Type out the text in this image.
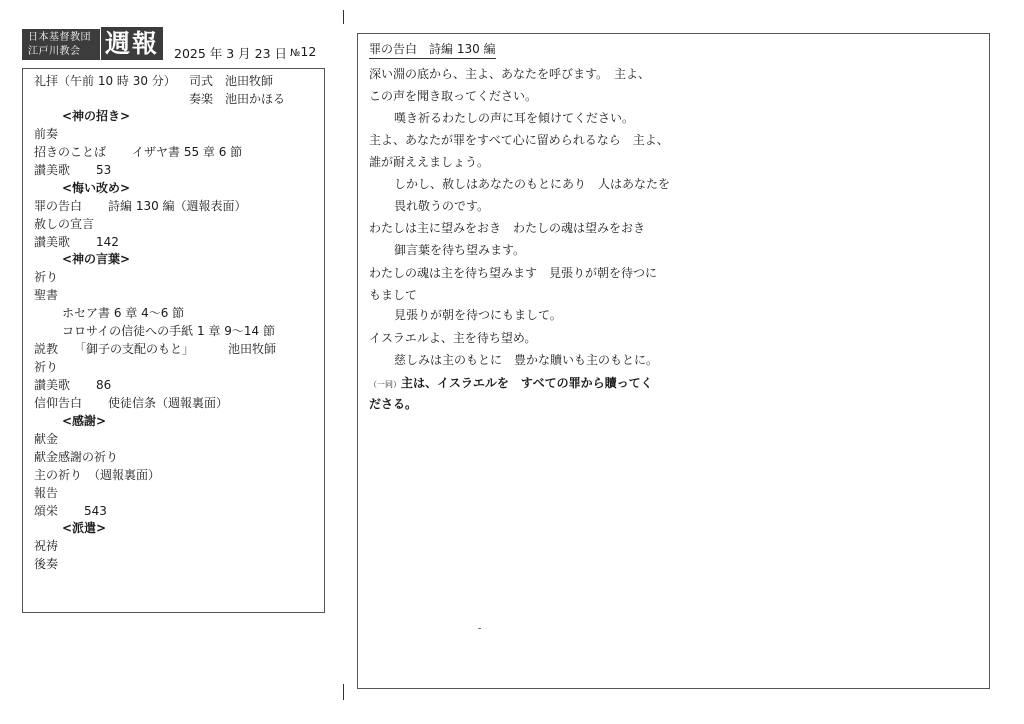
日本基督教団
江戸川教会 週報	2025 年 3 月 23 日 №12
礼拝（午前 10 時 30 分） 司式 池田牧師
奏楽 池田かほる
<神の招き>
前奏
招きのことば イザヤ書 55 章 6 節
讃美歌 53
<悔い改め>
罪の告白 詩編 130 編（週報表面）
赦しの宣言
讃美歌 142
<神の言葉>
祈り
聖書
ホセア書 6 章 4～6 節
コロサイの信徒への手紙 1 章 9～14 節
説教 「御子の支配のもと」	池田牧師
祈り
讃美歌 86
信仰告白 使徒信条（週報裏面）
<感謝>
献金
献金感謝の祈り
主の祈り　（週報裏面）
報告
頌栄 543
<派遣>
祝祷
後奏
罪の告白　詩編 130 編
深い淵の底から、主よ、あなたを呼びます。　主よ、
この声を聞き取ってください。
嘆き祈るわたしの声に耳を傾けてください。
主よ、あなたが罪をすべて心に留められるなら　主よ、
誰が耐ええましょう。
しかし、赦しはあなたのもとにあり　人はあなたを
畏れ敬うのです。
わたしは主に望みをおき　わたしの魂は望みをおき
御言葉を待ち望みます。
わたしの魂は主を待ち望みます　見張りが朝を待つに
もまして
見張りが朝を待つにもまして。
イスラエルよ、主を待ち望め。
慈しみは主のもとに　豊かな贖いも主のもとに。
（一同）主は、イスラエルを　すべての罪から贖ってく
ださる。
